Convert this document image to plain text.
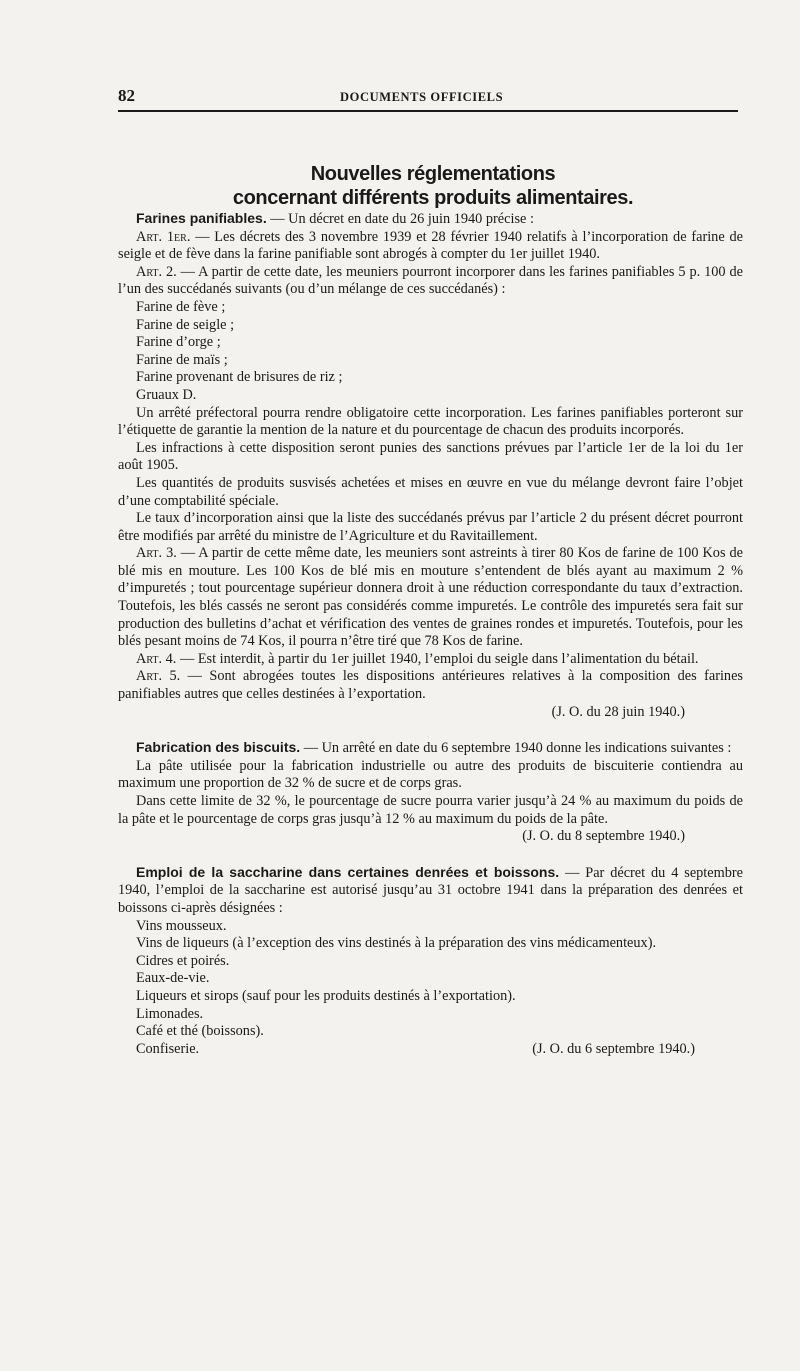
82	DOCUMENTS OFFICIELS
Nouvelles réglementations
concernant différents produits alimentaires.

Farines panifiables. — Un décret en date du 26 juin 1940 précise :

Art. 1er. — Les décrets des 3 novembre 1939 et 28 février 1940 relatifs à l’incorporation de farine de seigle et de fève dans la farine panifiable sont abrogés à compter du 1er juillet 1940.

Art. 2. — A partir de cette date, les meuniers pourront incorporer dans les farines panifiables 5 p. 100 de l’un des succédanés suivants (ou d’un mélange de ces succédanés) :

Farine de fève ;
Farine de seigle ;
Farine d’orge ;
Farine de maïs ;
Farine provenant de brisures de riz ;
Gruaux D.

Un arrêté préfectoral pourra rendre obligatoire cette incorporation. Les farines panifiables porteront sur l’étiquette de garantie la mention de la nature et du pourcentage de chacun des produits incorporés.

Les infractions à cette disposition seront punies des sanctions prévues par l’article 1er de la loi du 1er août 1905.

Les quantités de produits susvisés achetées et mises en œuvre en vue du mélange devront faire l’objet d’une comptabilité spéciale.

Le taux d’incorporation ainsi que la liste des succédanés prévus par l’article 2 du présent décret pourront être modifiés par arrêté du ministre de l’Agriculture et du Ravitaillement.

Art. 3. — A partir de cette même date, les meuniers sont astreints à tirer 80 Kos de farine de 100 Kos de blé mis en mouture. Les 100 Kos de blé mis en mouture s’entendent de blés ayant au maximum 2 % d’impuretés ; tout pourcentage supérieur donnera droit à une réduction correspondante du taux d’extraction. Toutefois, les blés cassés ne seront pas considérés comme impuretés. Le contrôle des impuretés sera fait sur production des bulletins d’achat et vérification des ventes de graines rondes et impuretés. Toutefois, pour les blés pesant moins de 74 Kos, il pourra n’être tiré que 78 Kos de farine.

Art. 4. — Est interdit, à partir du 1er juillet 1940, l’emploi du seigle dans l’alimentation du bétail.

Art. 5. — Sont abrogées toutes les dispositions antérieures relatives à la composition des farines panifiables autres que celles destinées à l’exportation.

(J. O. du 28 juin 1940.)

Fabrication des biscuits. — Un arrêté en date du 6 septembre 1940 donne les indications suivantes :

La pâte utilisée pour la fabrication industrielle ou autre des produits de biscuiterie contiendra au maximum une proportion de 32 % de sucre et de corps gras.

Dans cette limite de 32 %, le pourcentage de sucre pourra varier jusqu’à 24 % au maximum du poids de la pâte et le pourcentage de corps gras jusqu’à 12 % au maximum du poids de la pâte.

(J. O. du 8 septembre 1940.)

Emploi de la saccharine dans certaines denrées et boissons. — Par décret du 4 septembre 1940, l’emploi de la saccharine est autorisé jusqu’au 31 octobre 1941 dans la préparation des denrées et boissons ci-après désignées :

Vins mousseux.
Vins de liqueurs (à l’exception des vins destinés à la préparation des vins médicamenteux).
Cidres et poirés.
Eaux-de-vie.
Liqueurs et sirops (sauf pour les produits destinés à l’exportation).
Limonades.
Café et thé (boissons).
Confiserie.	(J. O. du 6 septembre 1940.)
